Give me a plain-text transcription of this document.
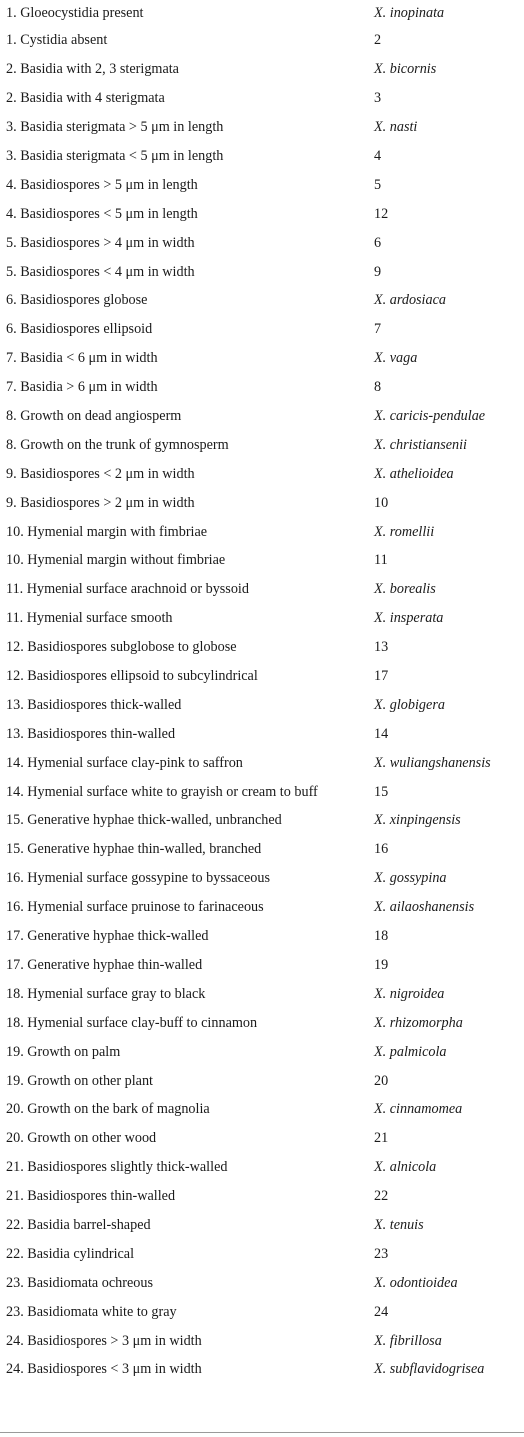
1. Gloeocystidia present	X. inopinata
1. Cystidia absent	2
2. Basidia with 2, 3 sterigmata	X. bicornis
2. Basidia with 4 sterigmata	3
3. Basidia sterigmata > 5 μm in length	X. nasti
3. Basidia sterigmata < 5 μm in length	4
4. Basidiospores > 5 μm in length	5
4. Basidiospores < 5 μm in length	12
5. Basidiospores > 4 μm in width	6
5. Basidiospores < 4 μm in width	9
6. Basidiospores globose	X. ardosiaca
6. Basidiospores ellipsoid	7
7. Basidia < 6 μm in width	X. vaga
7. Basidia > 6 μm in width	8
8. Growth on dead angiosperm	X. caricis-pendulae
8. Growth on the trunk of gymnosperm	X. christiansenii
9. Basidiospores < 2 μm in width	X. athelioidea
9. Basidiospores > 2 μm in width	10
10. Hymenial margin with fimbriae	X. romellii
10. Hymenial margin without fimbriae	11
11. Hymenial surface arachnoid or byssoid	X. borealis
11. Hymenial surface smooth	X. insperata
12. Basidiospores subglobose to globose	13
12. Basidiospores ellipsoid to subcylindrical	17
13. Basidiospores thick-walled	X. globigera
13. Basidiospores thin-walled	14
14. Hymenial surface clay-pink to saffron	X. wuliangshanensis
14. Hymenial surface white to grayish or cream to buff	15
15. Generative hyphae thick-walled, unbranched	X. xinpingensis
15. Generative hyphae thin-walled, branched	16
16. Hymenial surface gossypine to byssaceous	X. gossypina
16. Hymenial surface pruinose to farinaceous	X. ailaoshanensis
17. Generative hyphae thick-walled	18
17. Generative hyphae thin-walled	19
18. Hymenial surface gray to black	X. nigroidea
18. Hymenial surface clay-buff to cinnamon	X. rhizomorpha
19. Growth on palm	X. palmicola
19. Growth on other plant	20
20. Growth on the bark of magnolia	X. cinnamomea
20. Growth on other wood	21
21. Basidiospores slightly thick-walled	X. alnicola
21. Basidiospores thin-walled	22
22. Basidia barrel-shaped	X. tenuis
22. Basidia cylindrical	23
23. Basidiomata ochreous	X. odontioidea
23. Basidiomata white to gray	24
24. Basidiospores > 3 μm in width	X. fibrillosa
24. Basidiospores < 3 μm in width	X. subflavidogrisea
